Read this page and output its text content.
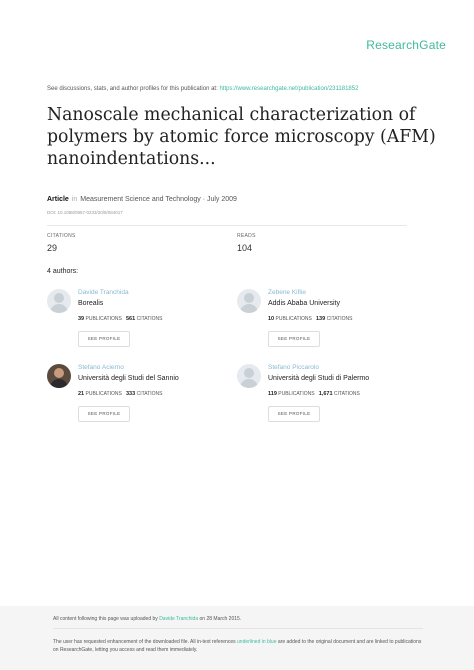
ResearchGate
See discussions, stats, and author profiles for this publication at: https://www.researchgate.net/publication/231181852
Nanoscale mechanical characterization of polymers by atomic force microscopy (AFM) nanoindentations...
Article in Measurement Science and Technology · July 2009
DOI: 10.1088/0957-0233/20/8/084017
CITATIONS
29
READS
104
4 authors:
Davide Tranchida
Borealis
39 PUBLICATIONS 561 CITATIONS
SEE PROFILE
Zebene Kiflie
Addis Ababa University
10 PUBLICATIONS 139 CITATIONS
SEE PROFILE
Stefano Acierno
Università degli Studi del Sannio
21 PUBLICATIONS 333 CITATIONS
SEE PROFILE
Stefano Piccarolo
Università degli Studi di Palermo
119 PUBLICATIONS 1,671 CITATIONS
SEE PROFILE
All content following this page was uploaded by Davide Tranchida on 28 March 2015.
The user has requested enhancement of the downloaded file. All in-text references underlined in blue are added to the original document and are linked to publications on ResearchGate, letting you access and read them immediately.
